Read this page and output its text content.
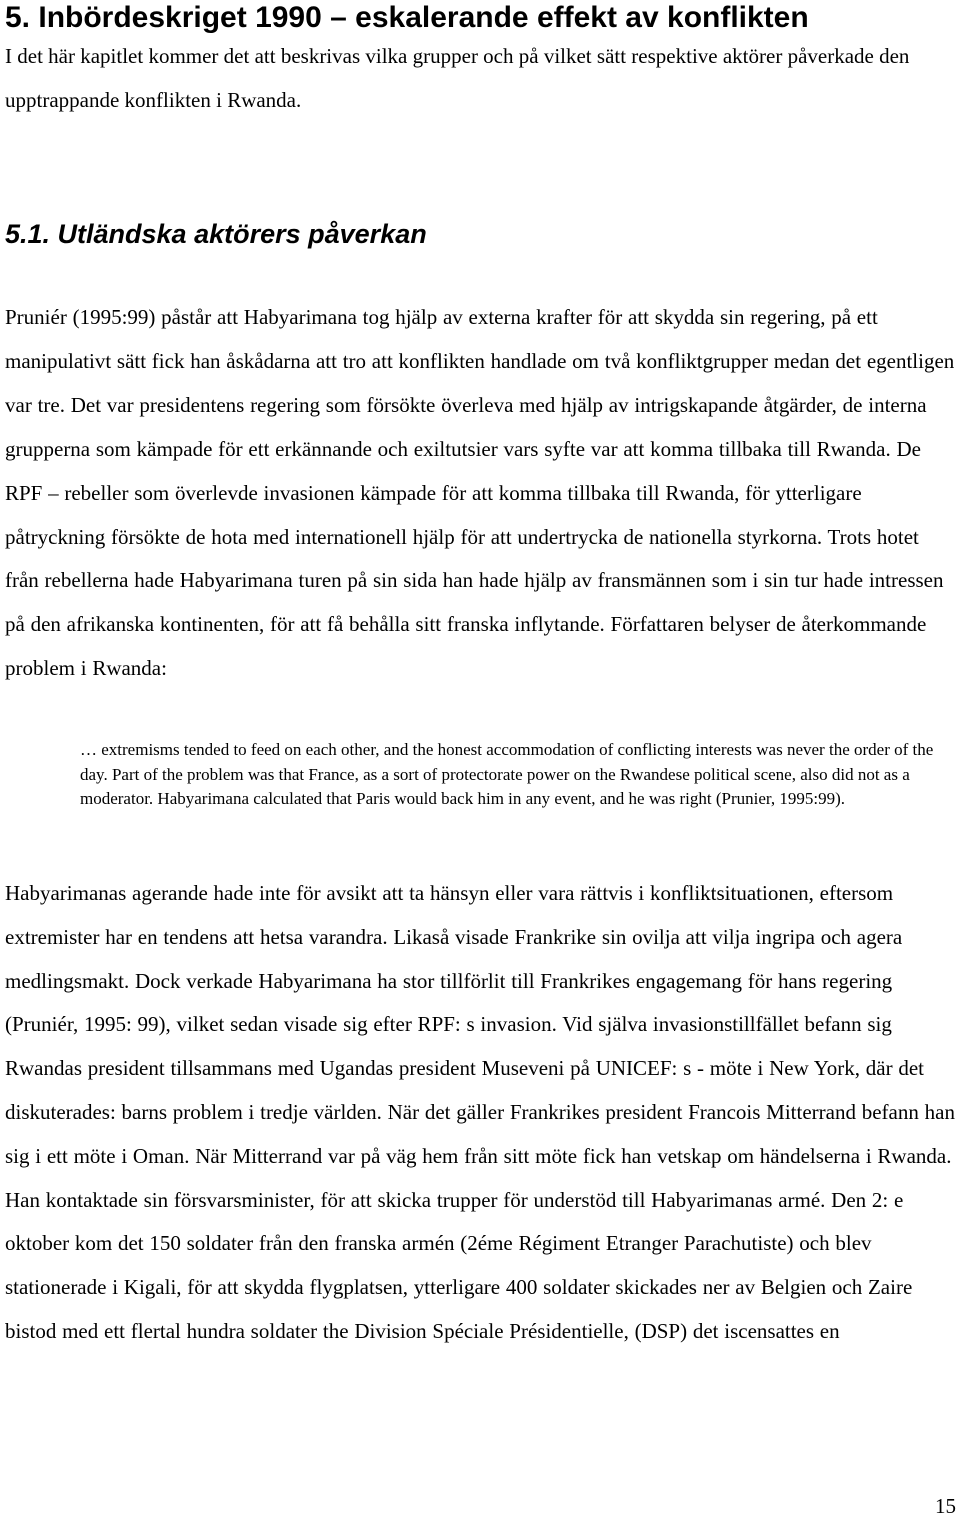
5. Inbördeskriget 1990 – eskalerande effekt av konflikten

I det här kapitlet kommer det att beskrivas vilka grupper och på vilket sätt respektive aktörer påverkade den upptrappande konflikten i Rwanda.

5.1. Utländska aktörers påverkan

Pruniér (1995:99) påstår att Habyarimana tog hjälp av externa krafter för att skydda sin regering, på ett manipulativt sätt fick han åskådarna att tro att konflikten handlade om två konfliktgrupper medan det egentligen var tre. Det var presidentens regering som försökte överleva med hjälp av intrigskapande åtgärder, de interna grupperna som kämpade för ett erkännande och exiltutsier vars syfte var att komma tillbaka till Rwanda. De RPF – rebeller som överlevde invasionen kämpade för att komma tillbaka till Rwanda, för ytterligare påtryckning försökte de hota med internationell hjälp för att undertrycka de nationella styrkorna. Trots hotet från rebellerna hade Habyarimana turen på sin sida han hade hjälp av fransmännen som i sin tur hade intressen på den afrikanska kontinenten, för att få behålla sitt franska inflytande. Författaren belyser de återkommande problem i Rwanda:

… extremisms tended to feed on each other, and the honest accommodation of conflicting interests was never the order of the day. Part of the problem was that France, as a sort of protectorate power on the Rwandese political scene, also did not as a moderator. Habyarimana calculated that Paris would back him in any event, and he was right (Prunier, 1995:99).

Habyarimanas agerande hade inte för avsikt att ta hänsyn eller vara rättvis i konfliktsituationen, eftersom extremister har en tendens att hetsa varandra. Likaså visade Frankrike sin ovilja att vilja ingripa och agera medlingsmakt. Dock verkade Habyarimana ha stor tillförlit till Frankrikes engagemang för hans regering (Pruniér, 1995: 99), vilket sedan visade sig efter RPF: s invasion. Vid själva invasionstillfället befann sig Rwandas president tillsammans med Ugandas president Museveni på UNICEF: s - möte i New York, där det diskuterades: barns problem i tredje världen. När det gäller Frankrikes president Francois Mitterrand befann han sig i ett möte i Oman. När Mitterrand var på väg hem från sitt möte fick han vetskap om händelserna i Rwanda. Han kontaktade sin försvarsminister, för att skicka trupper för understöd till Habyarimanas armé. Den 2: e oktober kom det 150 soldater från den franska armén (2éme Régiment Etranger Parachutiste) och blev stationerade i Kigali, för att skydda flygplatsen, ytterligare 400 soldater skickades ner av Belgien och Zaire bistod med ett flertal hundra soldater the Division Spéciale Présidentielle, (DSP) det iscensattes en

15
